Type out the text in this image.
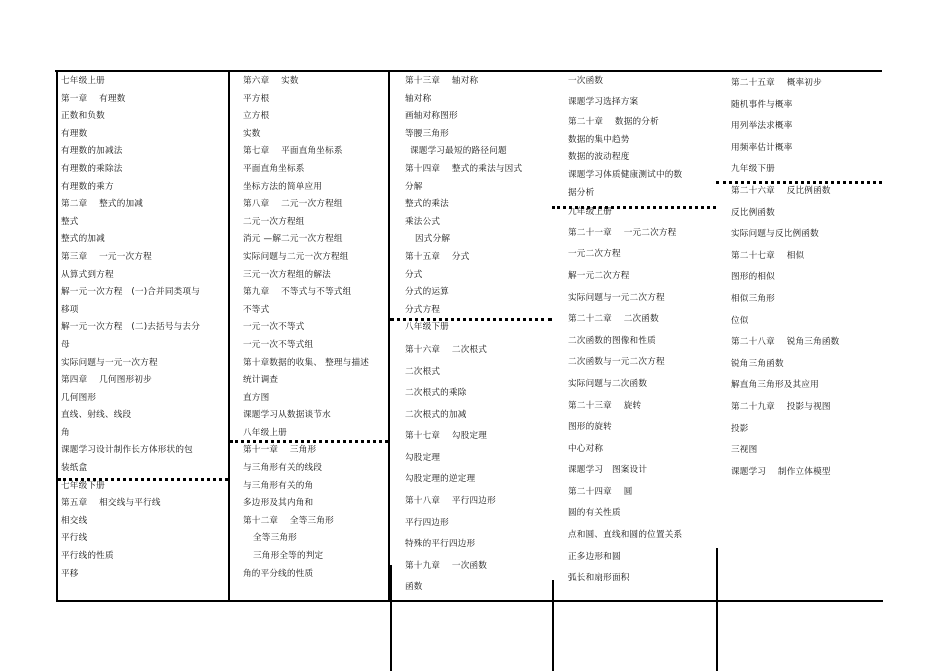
七年级上册
第一章　 有理数
正数和负数
有理数
有理数的加减法
有理数的乘除法
有理数的乘方
第二章　 整式的加减
整式
整式的加减
第三章　 一元一次方程
从算式到方程
解一元一次方程　(一)合并同类项与
移项
解一元一次方程　(二)去括号与去分
母
实际问题与一元一次方程
第四章　 几何图形初步
几何图形
直线、射线、线段
角
课题学习设计制作长方体形状的包
装纸盒
七年级下册
第五章　 相交线与平行线
相交线
平行线
平行线的性质
平移
第六章　 实数
平方根
立方根
实数
第七章　 平面直角坐标系
平面直角坐标系
坐标方法的简单应用
第八章　 二元一次方程组
二元一次方程组
消元 —解二元一次方程组
实际问题与二元一次方程组
三元一次方程组的解法
第九章　 不等式与不等式组
不等式
一元一次不等式
一元一次不等式组
第十章数据的收集、 整理与描述
统计调查
直方图
课题学习从数据谈节水
八年级上册
第十一章　 三角形
与三角形有关的线段
与三角形有关的角
多边形及其内角和
第十二章　 全等三角形
全等三角形
三角形全等的判定
角的平分线的性质
第十三章　 轴对称
轴对称
画轴对称图形
等腰三角形
课题学习最短的路径问题
第十四章　 整式的乘法与因式
分解
整式的乘法
乘法公式
因式分解
第十五章　 分式
分式
分式的运算
分式方程
八年级下册
第十六章　 二次根式
二次根式
二次根式的乘除
二次根式的加减
第十七章　 勾股定理
勾股定理
勾股定理的逆定理
第十八章　 平行四边形
平行四边形
特殊的平行四边形
第十九章　 一次函数
函数
一次函数
课题学习选择方案
第二十章　 数据的分析
数据的集中趋势
数据的波动程度
课题学习体质健康测试中的数
据分析
九年级上册
第二十一章　 一元二次方程
一元二次方程
解一元二次方程
实际问题与一元二次方程
第二十二章　 二次函数
二次函数的图像和性质
二次函数与一元二次方程
实际问题与二次函数
第二十三章　 旋转
图形的旋转
中心对称
课题学习　图案设计
第二十四章　 圆
圆的有关性质
点和圆、直线和圆的位置关系
正多边形和圆
弧长和扇形面积
第二十五章　 概率初步
随机事件与概率
用列举法求概率
用频率估计概率
九年级下册
第二十六章　 反比例函数
反比例函数
实际问题与反比例函数
第二十七章　 相似
图形的相似
相似三角形
位似
第二十八章　 锐角三角函数
锐角三角函数
解直角三角形及其应用
第二十九章　 投影与视图
投影
三视图
课题学习　 制作立体模型
